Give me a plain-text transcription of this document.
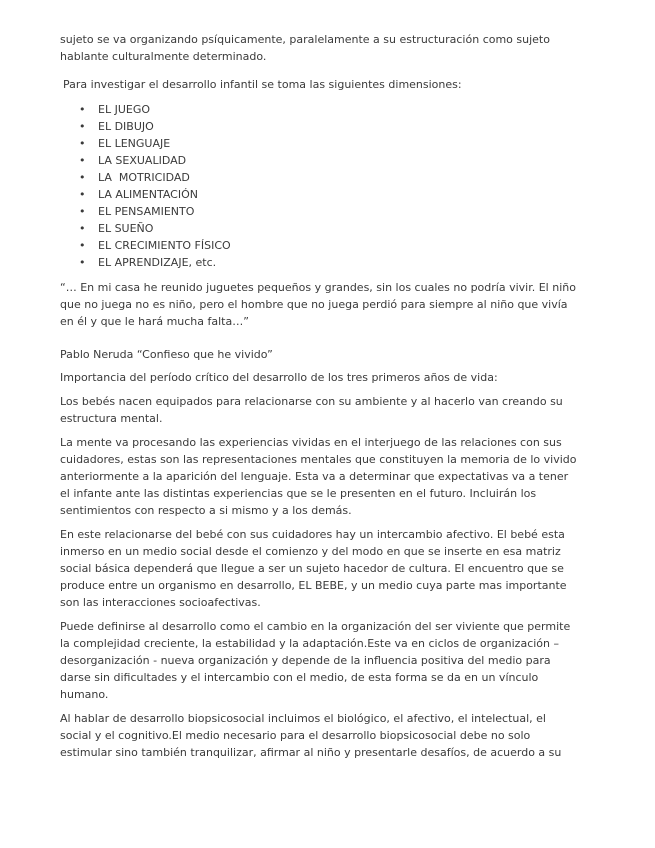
sujeto se va organizando psíquicamente, paralelamente a su estructuración como sujeto hablante culturalmente determinado.

Para investigar el desarrollo infantil se toma las siguientes dimensiones:

• EL JUEGO
• EL DIBUJO
• EL LENGUAJE
• LA SEXUALIDAD
• LA  MOTRICIDAD
• LA ALIMENTACIÓN
• EL PENSAMIENTO
• EL SUEÑO
• EL CRECIMIENTO FÍSICO
• EL APRENDIZAJE, etc.

“… En mi casa he reunido juguetes pequeños y grandes, sin los cuales no podría vivir. El niño que no juega no es niño, pero el hombre que no juega perdió para siempre al niño que vivía en él y que le hará mucha falta…”

Pablo Neruda “Confieso que he vivido”

Importancia del período crítico del desarrollo de los tres primeros años de vida:

Los bebés nacen equipados para relacionarse con su ambiente y al hacerlo van creando su estructura mental.

La mente va procesando las experiencias vividas en el interjuego de las relaciones con sus cuidadores, estas son las representaciones mentales que constituyen la memoria de lo vivido anteriormente a la aparición del lenguaje. Esta va a determinar que expectativas va a tener el infante ante las distintas experiencias que se le presenten en el futuro. Incluirán los sentimientos con respecto a si mismo y a los demás.

En este relacionarse del bebé con sus cuidadores hay un intercambio afectivo. El bebé esta inmerso en un medio social desde el comienzo y del modo en que se inserte en esa matriz social básica dependerá que llegue a ser un sujeto hacedor de cultura. El encuentro que se produce entre un organismo en desarrollo, EL BEBE, y un medio cuya parte mas importante son las interacciones socioafectivas.

Puede definirse al desarrollo como el cambio en la organización del ser viviente que permite la complejidad creciente, la estabilidad y la adaptación.Este va en ciclos de organización – desorganización - nueva organización y depende de la influencia positiva del medio para darse sin dificultades y el intercambio con el medio, de esta forma se da en un vínculo humano.

Al hablar de desarrollo biopsicosocial incluimos el biológico, el afectivo, el intelectual, el social y el cognitivo.El medio necesario para el desarrollo biopsicosocial debe no solo estimular sino también tranquilizar, afirmar al niño y presentarle desafíos, de acuerdo a su
